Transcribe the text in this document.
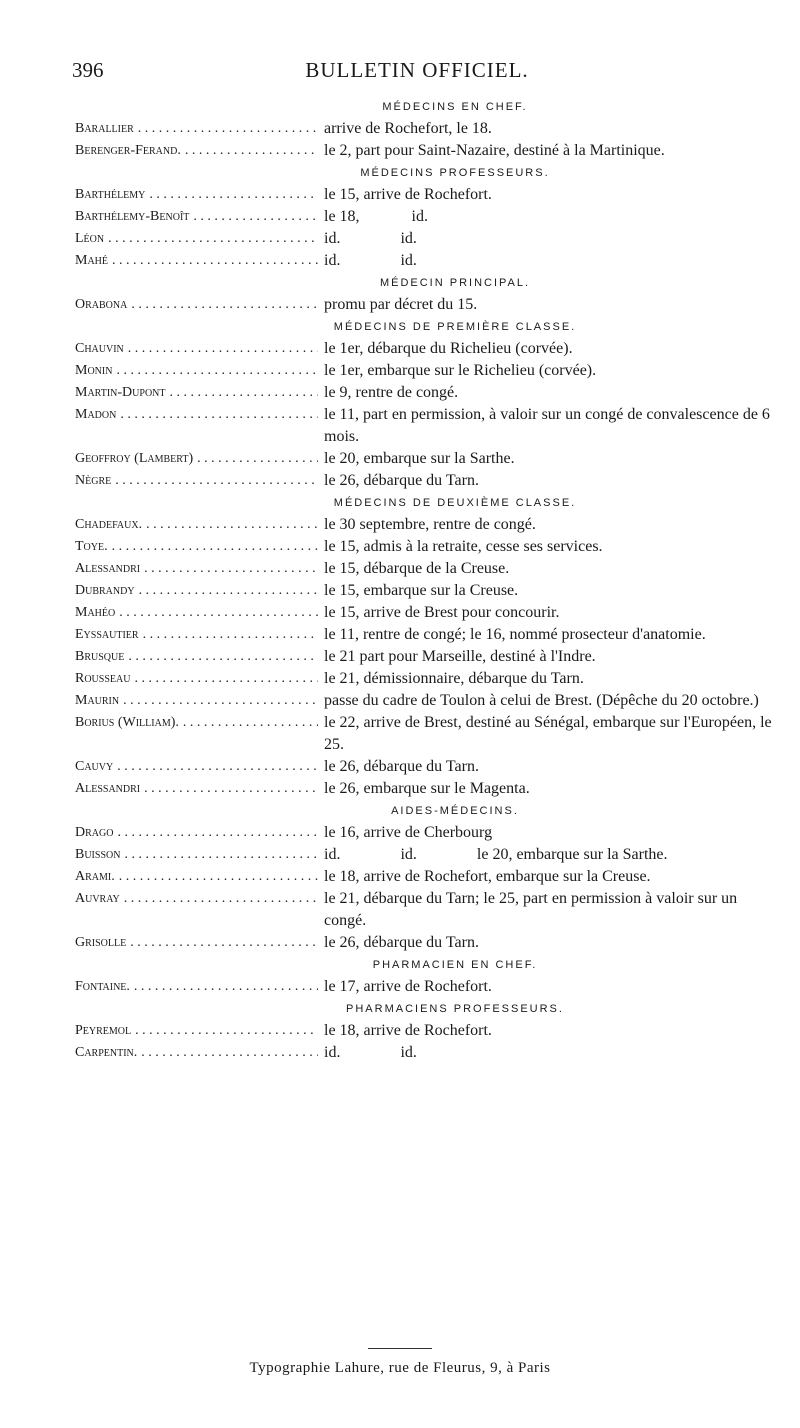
396	BULLETIN OFFICIEL.
MÉDECINS EN CHEF.
Barallier . . .	arrive de Rochefort, le 18.
Berenger-Ferand. . . .	le 2, part pour Saint-Nazaire, destiné à la Martinique.
MÉDECINS PROFESSEURS.
Barthélemy . . .	le 15, arrive de Rochefort.
Barthélemy-Benoît . . .	le 18,             id.
Léon . . .	id.               id.
Mahé . . .	id.               id.
MÉDECIN PRINCIPAL.
Orabona . . .	promu par décret du 15.
MÉDECINS DE PREMIÈRE CLASSE.
Chauvin . . .	le 1er, débarque du Richelieu (corvée).
Monin . . .	le 1er, embarque sur le Richelieu (corvée).
Martin-Dupont . . .	le 9, rentre de congé.
Madon . . .	le 11, part en permission, à valoir sur un congé de convalescence de 6 mois.
Geoffroy (Lambert) . . .	le 20, embarque sur la Sarthe.
Nègre . . .	le 26, débarque du Tarn.
MÉDECINS DE DEUXIÈME CLASSE.
Chadefaux. . . .	le 30 septembre, rentre de congé.
Toye. . . .	le 15, admis à la retraite, cesse ses services.
Alessandri . . .	le 15, débarque de la Creuse.
Dubrandy . . .	le 15, embarque sur la Creuse.
Mahéo . . .	le 15, arrive de Brest pour concourir.
Eyssautier . . .	le 11, rentre de congé; le 16, nommé prosecteur d'anatomie.
Brusque . . .	le 21 part pour Marseille, destiné à l'Indre.
Rousseau . . .	le 21, démissionnaire, débarque du Tarn.
Maurin . . .	passe du cadre de Toulon à celui de Brest. (Dépêche du 20 octobre.)
Borius (William). . . .	le 22, arrive de Brest, destiné au Sénégal, embarque sur l'Européen, le 25.
Cauvy . . .	le 26, débarque du Tarn.
Alessandri . . .	le 26, embarque sur le Magenta.
AIDES-MÉDECINS.
Drago . . .	le 16, arrive de Cherbourg
Buisson . . .	id.               id.               le 20, embarque sur la Sarthe.
Arami. . . .	le 18, arrive de Rochefort, embarque sur la Creuse.
Auvray . . .	le 21, débarque du Tarn; le 25, part en permission à valoir sur un congé.
Grisolle . . .	le 26, débarque du Tarn.
PHARMACIEN EN CHEF.
Fontaine. . . .	le 17, arrive de Rochefort.
PHARMACIENS PROFESSEURS.
Peyremol . . .	le 18, arrive de Rochefort.
Carpentin. . . .	id.               id.
Typographie Lahure, rue de Fleurus, 9, à Paris
